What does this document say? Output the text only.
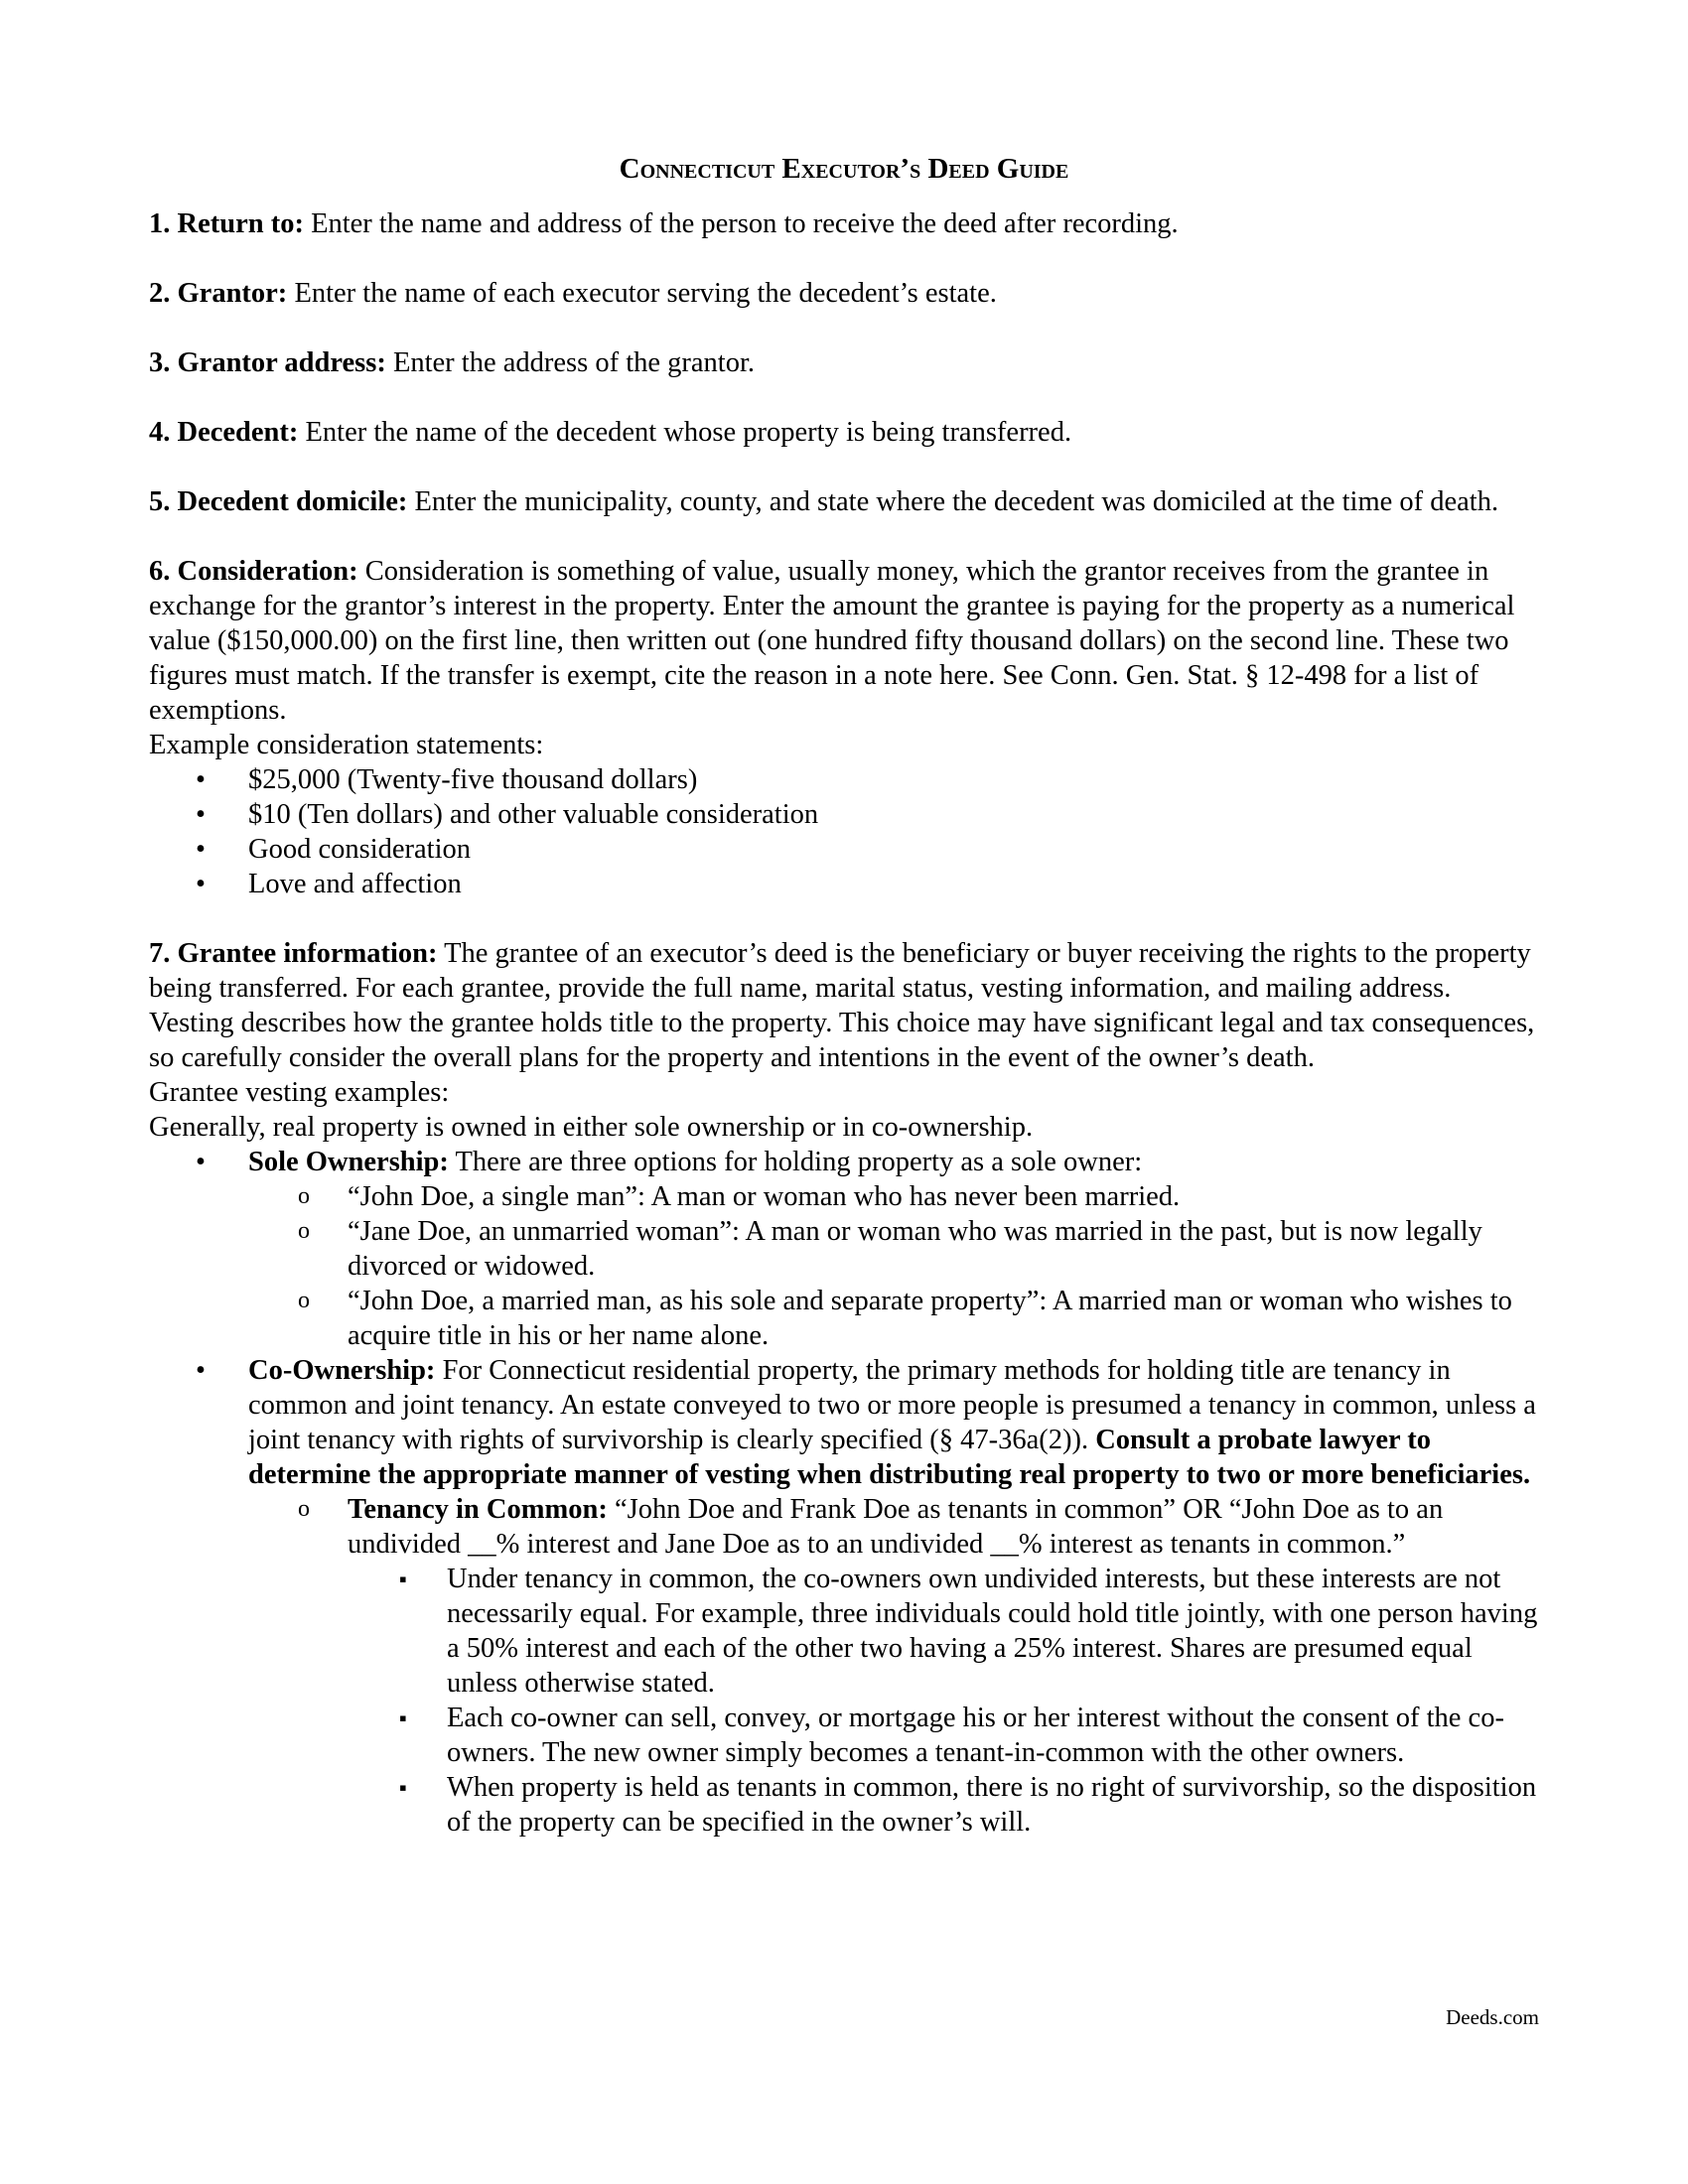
Connecticut Executor’s Deed Guide

1. Return to: Enter the name and address of the person to receive the deed after recording.

2. Grantor: Enter the name of each executor serving the decedent’s estate.

3. Grantor address: Enter the address of the grantor.

4. Decedent: Enter the name of the decedent whose property is being transferred.

5. Decedent domicile: Enter the municipality, county, and state where the decedent was domiciled at the time of death.

6. Consideration: Consideration is something of value, usually money, which the grantor receives from the grantee in exchange for the grantor’s interest in the property. Enter the amount the grantee is paying for the property as a numerical value ($150,000.00) on the first line, then written out (one hundred fifty thousand dollars) on the second line. These two figures must match. If the transfer is exempt, cite the reason in a note here. See Conn. Gen. Stat. § 12-498 for a list of exemptions.

Example consideration statements:

• $25,000 (Twenty-five thousand dollars)
• $10 (Ten dollars) and other valuable consideration
• Good consideration
• Love and affection

7. Grantee information: The grantee of an executor’s deed is the beneficiary or buyer receiving the rights to the property being transferred. For each grantee, provide the full name, marital status, vesting information, and mailing address.

Vesting describes how the grantee holds title to the property. This choice may have significant legal and tax consequences, so carefully consider the overall plans for the property and intentions in the event of the owner’s death.

Grantee vesting examples:

Generally, real property is owned in either sole ownership or in co-ownership.

• Sole Ownership: There are three options for holding property as a sole owner:
o “John Doe, a single man”: A man or woman who has never been married.
o “Jane Doe, an unmarried woman”: A man or woman who was married in the past, but is now legally divorced or widowed.
o “John Doe, a married man, as his sole and separate property”: A married man or woman who wishes to acquire title in his or her name alone.
• Co-Ownership: For Connecticut residential property, the primary methods for holding title are tenancy in common and joint tenancy. An estate conveyed to two or more people is presumed a tenancy in common, unless a joint tenancy with rights of survivorship is clearly specified (§ 47-36a(2)). Consult a probate lawyer to determine the appropriate manner of vesting when distributing real property to two or more beneficiaries.
o Tenancy in Common: “John Doe and Frank Doe as tenants in common” OR “John Doe as to an undivided __% interest and Jane Doe as to an undivided __% interest as tenants in common.”
▪ Under tenancy in common, the co-owners own undivided interests, but these interests are not necessarily equal. For example, three individuals could hold title jointly, with one person having a 50% interest and each of the other two having a 25% interest. Shares are presumed equal unless otherwise stated.
▪ Each co-owner can sell, convey, or mortgage his or her interest without the consent of the co-owners. The new owner simply becomes a tenant-in-common with the other owners.
▪ When property is held as tenants in common, there is no right of survivorship, so the disposition of the property can be specified in the owner’s will.
Deeds.com
